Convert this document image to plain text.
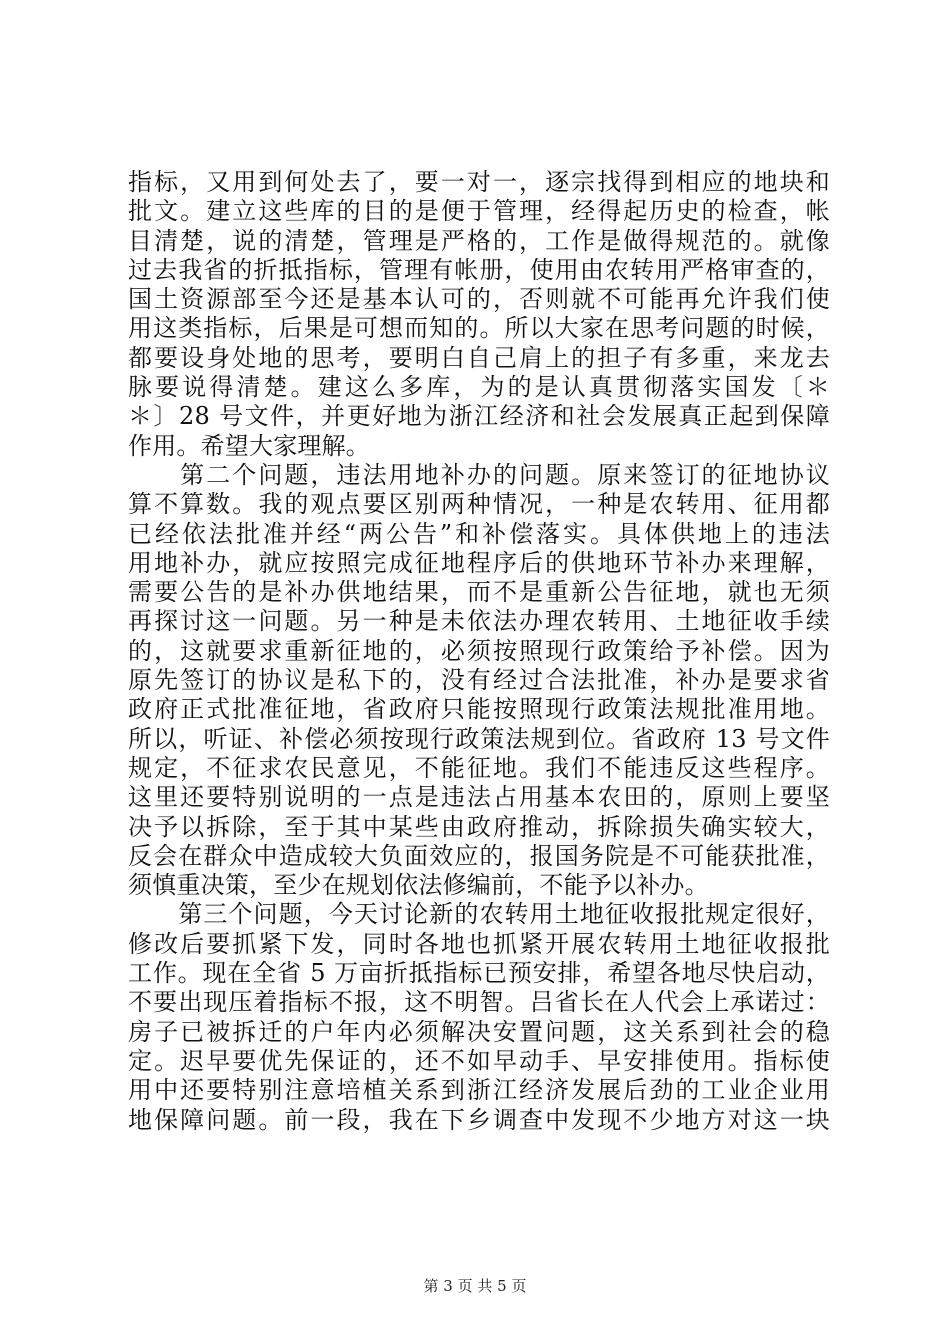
指标，又用到何处去了，要一对一，逐宗找得到相应的地块和
批文。建立这些库的目的是便于管理，经得起历史的检查，帐
目清楚，说的清楚，管理是严格的，工作是做得规范的。就像
过去我省的折抵指标，管理有帐册，使用由农转用严格审查的，
国土资源部至今还是基本认可的，否则就不可能再允许我们使
用这类指标，后果是可想而知的。所以大家在思考问题的时候，
都要设身处地的思考，要明白自己肩上的担子有多重，来龙去
脉要说得清楚。建这么多库，为的是认真贯彻落实国发〔＊
＊〕28 号文件，并更好地为浙江经济和社会发展真正起到保障
作用。希望大家理解。
　　第二个问题，违法用地补办的问题。原来签订的征地协议
算不算数。我的观点要区别两种情况，一种是农转用、征用都
已经依法批准并经“两公告”和补偿落实。具体供地上的违法
用地补办，就应按照完成征地程序后的供地环节补办来理解，
需要公告的是补办供地结果，而不是重新公告征地，就也无须
再探讨这一问题。另一种是未依法办理农转用、土地征收手续
的，这就要求重新征地的，必须按照现行政策给予补偿。因为
原先签订的协议是私下的，没有经过合法批准，补办是要求省
政府正式批准征地，省政府只能按照现行政策法规批准用地。
所以，听证、补偿必须按现行政策法规到位。省政府 13 号文件
规定，不征求农民意见，不能征地。我们不能违反这些程序。
这里还要特别说明的一点是违法占用基本农田的，原则上要坚
决予以拆除，至于其中某些由政府推动，拆除损失确实较大，
反会在群众中造成较大负面效应的，报国务院是不可能获批准，
须慎重决策，至少在规划依法修编前，不能予以补办。
　　第三个问题，今天讨论新的农转用土地征收报批规定很好，
修改后要抓紧下发，同时各地也抓紧开展农转用土地征收报批
工作。现在全省 5 万亩折抵指标已预安排，希望各地尽快启动，
不要出现压着指标不报，这不明智。吕省长在人代会上承诺过：
房子已被拆迁的户年内必须解决安置问题，这关系到社会的稳
定。迟早要优先保证的，还不如早动手、早安排使用。指标使
用中还要特别注意培植关系到浙江经济发展后劲的工业企业用
地保障问题。前一段，我在下乡调查中发现不少地方对这一块
第 3 页 共 5 页
